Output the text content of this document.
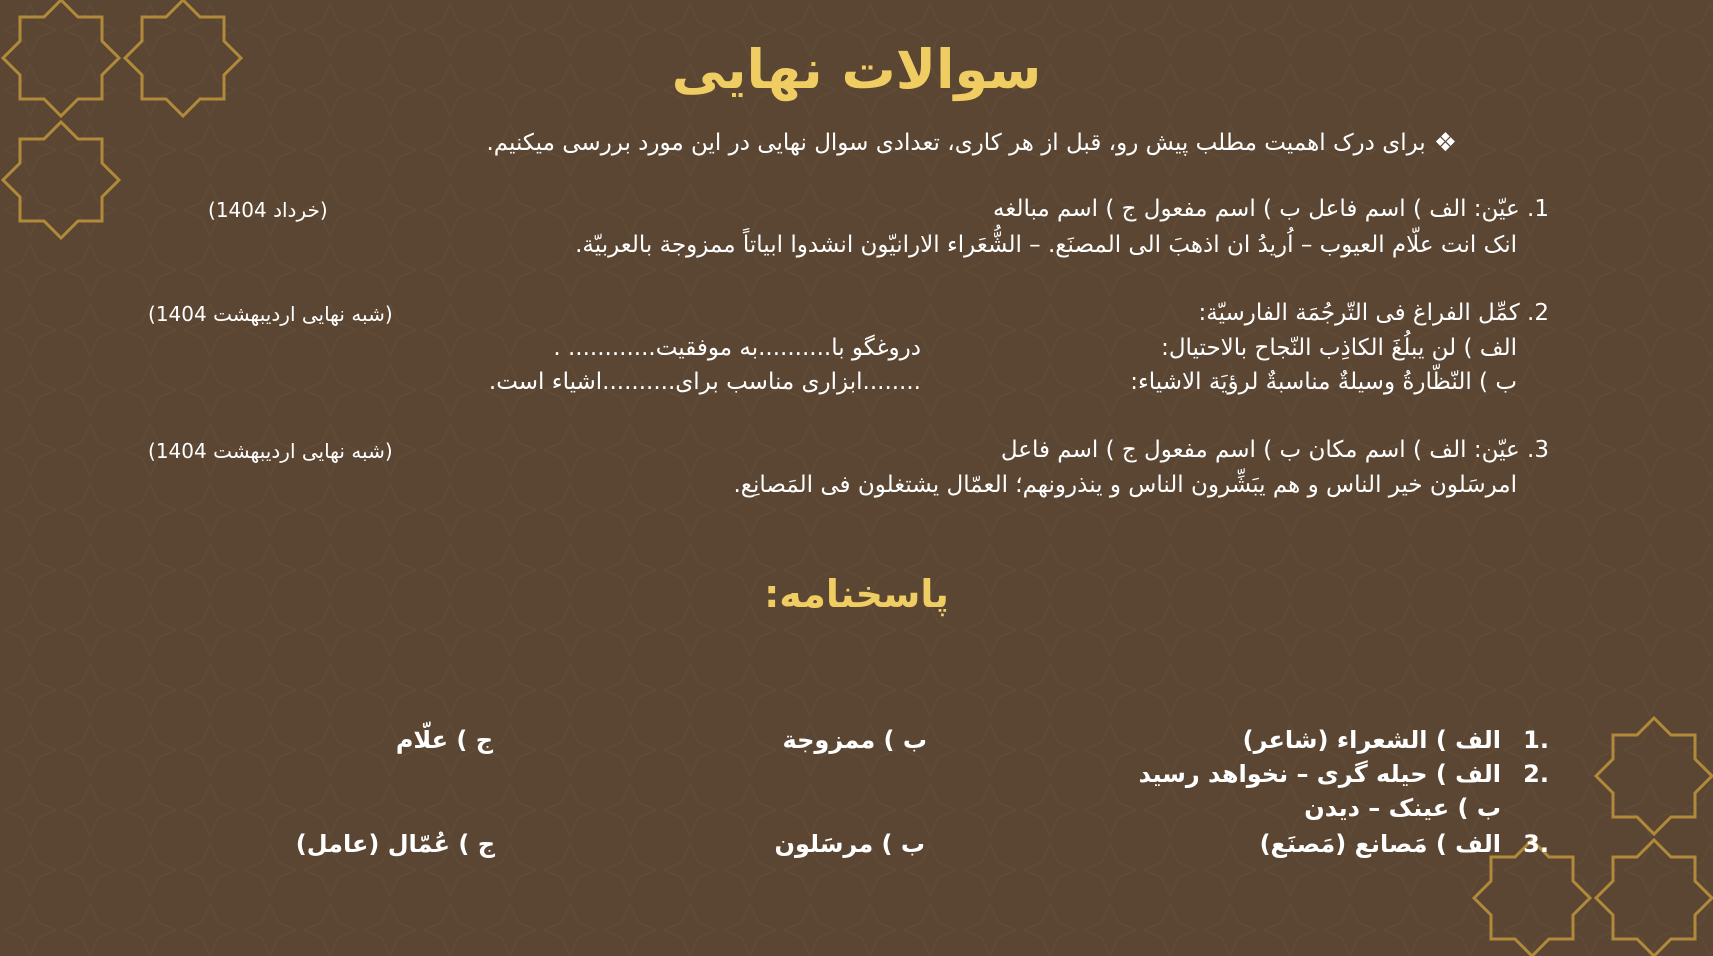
سوالات نهایی
❖
برای درک اهمیت مطلب پیش رو، قبل از هر کاری، تعدادی سوال نهایی در این مورد بررسی میکنیم.
1. عیّن: الف ) اسم فاعل ب ) اسم مفعول ج ) اسم مبالغه
(خرداد 1404)
انک انت علّام العیوب – اُریدُ ان اذهبَ الی المصنَع. – الشُّعَراء الارانیّون انشدوا ابیاتاً ممزوجة بالعربیّة.
2. کمِّل الفراغ فی التّرجُمَة الفارسیّة:
(شبه نهایی اردیبهشت 1404)
الف ) لن یبلُغَ الکاذِب النّجاح بالاحتیال:
دروغگو با..........به موفقیت............ .
ب ) النّظّارةُ وسیلةٌ مناسبةٌ لرؤیَة الاشیاء:
........ابزاری مناسب برای..........اشیاء است.
3. عیّن: الف ) اسم مکان ب ) اسم مفعول ج ) اسم فاعل
(شبه نهایی اردیبهشت 1404)
امرسَلون خیر الناس و هم یبَشِّرون الناس و ینذرونهم؛ العمّال یشتغلون فی المَصانِع.
پاسخنامه:
.1
الف ) الشعراء (شاعر)
ب ) ممزوجة
ج ) علّام
.2
الف ) حیله گری – نخواهد رسید
ب ) عینک – دیدن
.3
الف ) مَصانع (مَصنَع)
ب ) مرسَلون
ج ) عُمّال (عامل)
